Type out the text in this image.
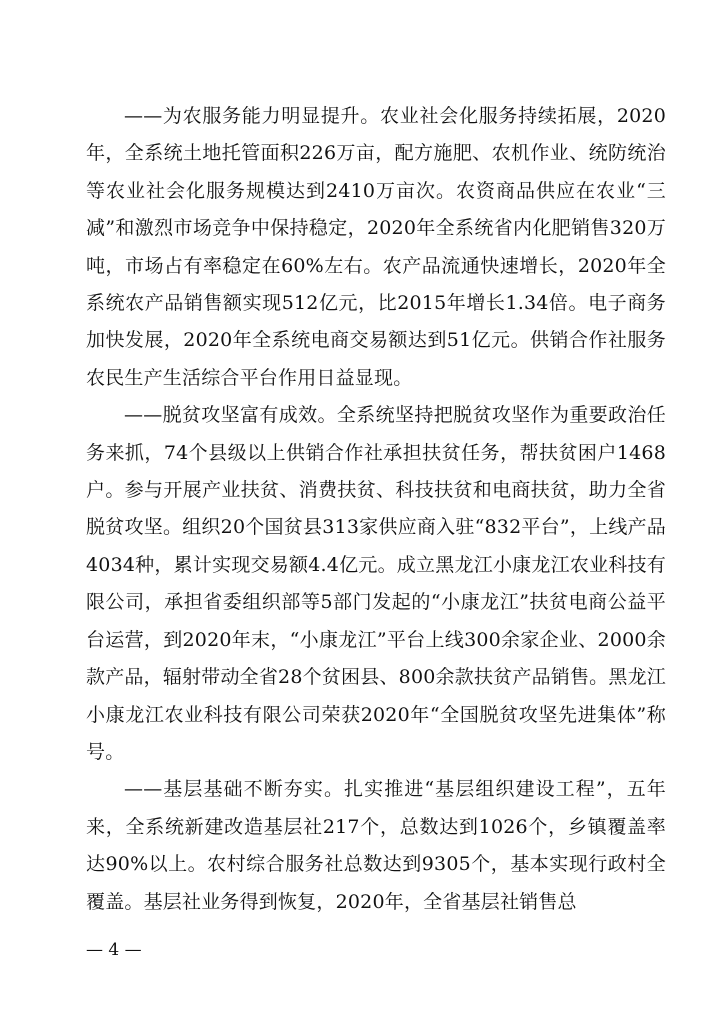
——为农服务能力明显提升。农业社会化服务持续拓展，2020年，全系统土地托管面积226万亩，配方施肥、农机作业、统防统治等农业社会化服务规模达到2410万亩次。农资商品供应在农业“三减”和激烈市场竞争中保持稳定，2020年全系统省内化肥销售320万吨，市场占有率稳定在60%左右。农产品流通快速增长，2020年全系统农产品销售额实现512亿元，比2015年增长1.34倍。电子商务加快发展，2020年全系统电商交易额达到51亿元。供销合作社服务农民生产生活综合平台作用日益显现。

——脱贫攻坚富有成效。全系统坚持把脱贫攻坚作为重要政治任务来抓，74个县级以上供销合作社承担扶贫任务，帮扶贫困户1468户。参与开展产业扶贫、消费扶贫、科技扶贫和电商扶贫，助力全省脱贫攻坚。组织20个国贫县313家供应商入驻“832平台”，上线产品4034种，累计实现交易额4.4亿元。成立黑龙江小康龙江农业科技有限公司，承担省委组织部等5部门发起的“小康龙江”扶贫电商公益平台运营，到2020年末，“小康龙江”平台上线300余家企业、2000余款产品，辐射带动全省28个贫困县、800余款扶贫产品销售。黑龙江小康龙江农业科技有限公司荣获2020年“全国脱贫攻坚先进集体”称号。

——基层基础不断夯实。扎实推进“基层组织建设工程”，五年来，全系统新建改造基层社217个，总数达到1026个，乡镇覆盖率达90%以上。农村综合服务社总数达到9305个，基本实现行政村全覆盖。基层社业务得到恢复，2020年，全省基层社销售总

— 4 —
